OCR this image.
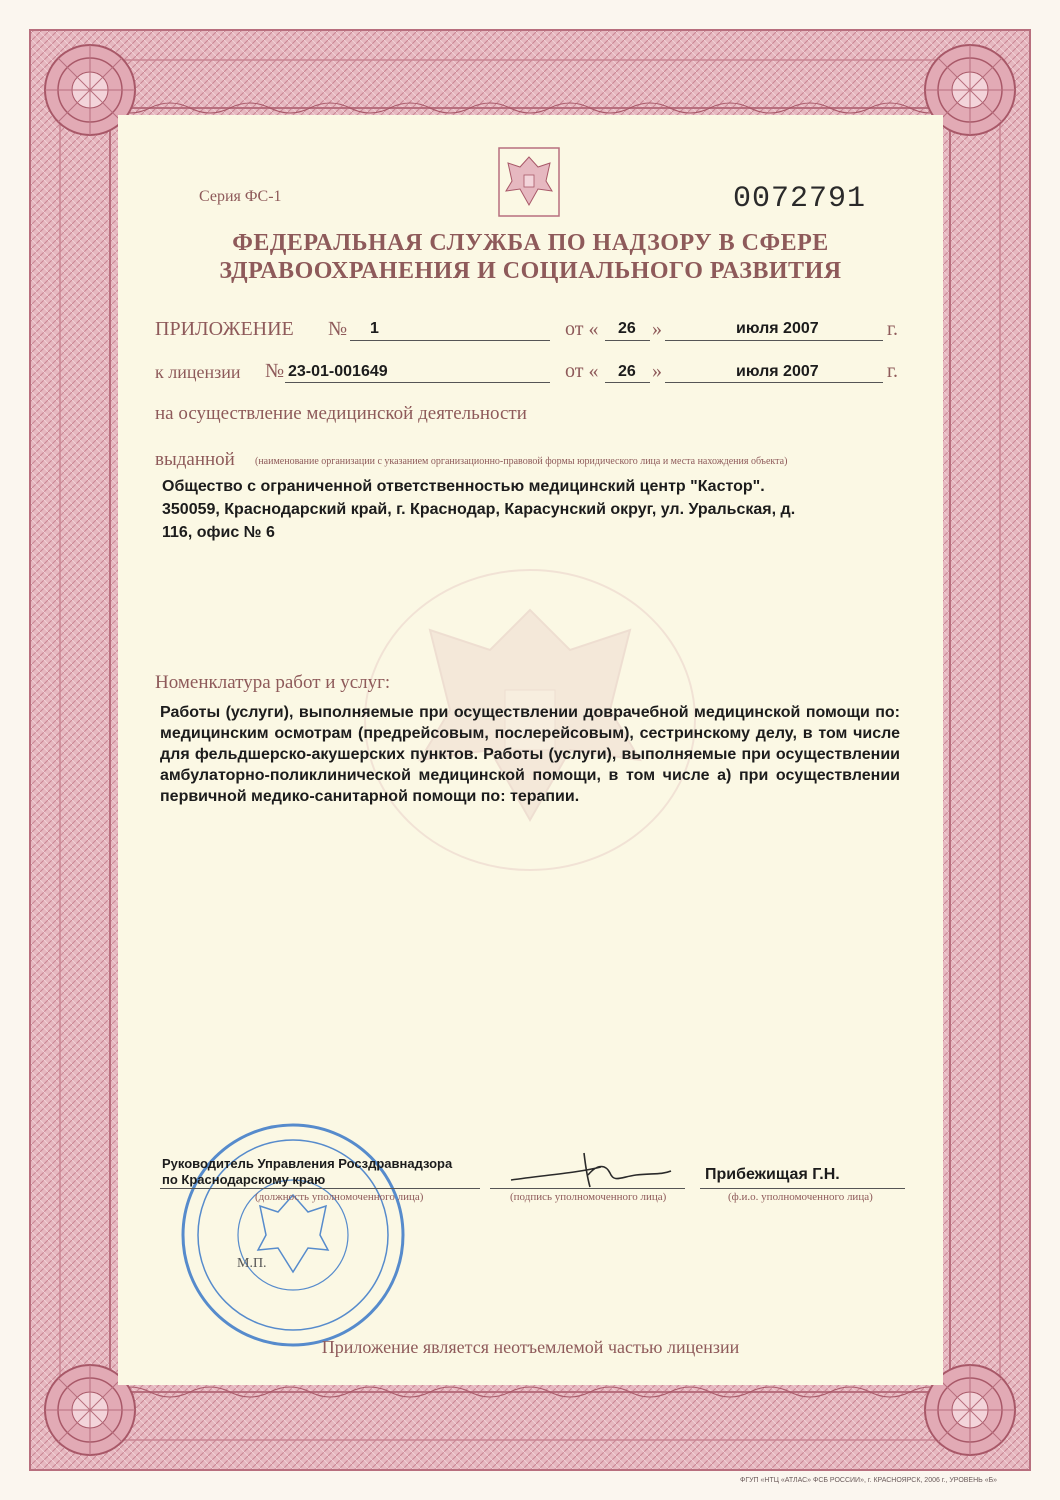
Серия ФС-1	0072791
ФЕДЕРАЛЬНАЯ СЛУЖБА ПО НАДЗОРУ В СФЕРЕ
ЗДРАВООХРАНЕНИЯ И СОЦИАЛЬНОГО РАЗВИТИЯ
ПРИЛОЖЕНИЕ № 1	от « 26 »	июля 2007	г.
к лицензии № 23-01-001649	от « 26 »	июля 2007	г.
на осуществление медицинской деятельности
выданной (наименование организации с указанием организационно-правовой формы юридического лица и места нахождения объекта)
Общество с ограниченной ответственностью медицинский центр "Кастор".
350059, Краснодарский край, г. Краснодар, Карасунский округ, ул. Уральская, д.
116, офис № 6
Номенклатура работ и услуг:
Работы (услуги), выполняемые при осуществлении доврачебной медицинской помощи по: медицинским осмотрам (предрейсовым, послерейсовым), сестринскому делу, в том числе для фельдшерско-акушерских пунктов. Работы (услуги), выполняемые при осуществлении амбулаторно-поликлинической медицинской помощи, в том числе а) при осуществлении первичной медико-санитарной помощи по: терапии.
Руководитель Управления Росздравнадзора
по Краснодарскому краю
(должность уполномоченного лица)	(подпись уполномоченного лица)
Прибежищая Г.Н.
(ф.и.о. уполномоченного лица)
М.П.
Приложение является неотъемлемой частью лицензии
ФГУП «НТЦ «АТЛАС» ФСБ РОССИИ», г. КРАСНОЯРСК, 2006 г., УРОВЕНЬ «Б»
